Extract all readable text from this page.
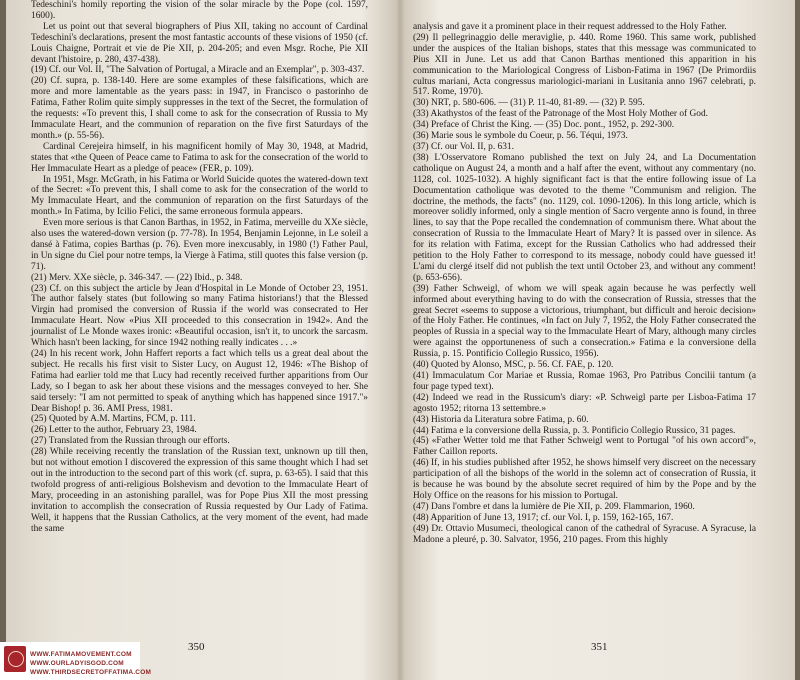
Tedeschini's homily reporting the vision of the solar miracle by the Pope (col. 1597, 1600).

Let us point out that several biographers of Pius XII, taking no account of Cardinal Tedeschini's declarations, present the most fantastic accounts of these visions of 1950 (cf. Louis Chaigne, Portrait et vie de Pie XII, p. 204-205; and even Msgr. Roche, Pie XII devant l'histoire, p. 280, 437-438).

(19) Cf. our Vol. II, "The Salvation of Portugal, a Miracle and an Exemplar", p. 303-437.

(20) Cf. supra, p. 138-140. Here are some examples of these falsifications, which are more and more lamentable as the years pass: in 1947, in Francisco o pastorinho de Fatima, Father Rolim quite simply suppresses in the text of the Secret, the formulation of the requests: «To prevent this, I shall come to ask for the consecration of Russia to My Immaculate Heart, and the communion of reparation on the five first Saturdays of the month.» (p. 55-56).

Cardinal Cerejeira himself, in his magnificent homily of May 30, 1948, at Madrid, states that «the Queen of Peace came to Fatima to ask for the consecration of the world to Her Immaculate Heart as a pledge of peace» (FER, p. 109).

In 1951, Msgr. McGrath, in his Fatima or World Suicide quotes the watered-down text of the Secret: «To prevent this, I shall come to ask for the consecration of the world to My Immaculate Heart, and the communion of reparation on the first Saturdays of the month.» In Fatima, by Icilio Felici, the same erroneous formula appears.

Even more serious is that Canon Barthas, in 1952, in Fatima, merveille du XXe siècle, also uses the watered-down version (p. 77-78). In 1954, Benjamin Lejonne, in Le soleil a dansé à Fatima, copies Barthas (p. 76). Even more inexcusably, in 1980 (!) Father Paul, in Un signe du Ciel pour notre temps, la Vierge à Fatima, still quotes this false version (p. 71).

(21) Merv. XXe siècle, p. 346-347. — (22) Ibid., p. 348.

(23) Cf. on this subject the article by Jean d'Hospital in Le Monde of October 23, 1951. The author falsely states (but following so many Fatima historians!) that the Blessed Virgin had promised the conversion of Russia if the world was consecrated to Her Immaculate Heart. Now «Pius XII proceeded to this consecration in 1942». And the journalist of Le Monde waxes ironic: «Beautiful occasion, isn't it, to uncork the sarcasm. Which hasn't been lacking, for since 1942 nothing really indicates . . .»

(24) In his recent work, John Haffert reports a fact which tells us a great deal about the subject. He recalls his first visit to Sister Lucy, on August 12, 1946: «The Bishop of Fatima had earlier told me that Lucy had recently received further apparitions from Our Lady, so I began to ask her about these visions and the messages conveyed to her. She said tersely: "I am not permitted to speak of anything which has happened since 1917."» Dear Bishop! p. 36. AMI Press, 1981.

(25) Quoted by A.M. Martins, FCM, p. 111.

(26) Letter to the author, February 23, 1984.

(27) Translated from the Russian through our efforts.

(28) While receiving recently the translation of the Russian text, unknown up till then, but not without emotion I discovered the expression of this same thought which I had set out in the introduction to the second part of this work (cf. supra, p. 63-65). I said that this twofold progress of anti-religious Bolshevism and devotion to the Immaculate Heart of Mary, proceeding in an astonishing parallel, was for Pope Pius XII the most pressing invitation to accomplish the consecration of Russia requested by Our Lady of Fatima. Well, it happens that the Russian Catholics, at the very moment of the event, had made the same

350

analysis and gave it a prominent place in their request addressed to the Holy Father.

(29) Il pellegrinaggio delle meraviglie, p. 440. Rome 1960. This same work, published under the auspices of the Italian bishops, states that this message was communicated to Pius XII in June. Let us add that Canon Barthas mentioned this apparition in his communication to the Mariological Congress of Lisbon-Fatima in 1967 (De Primordiis cultus mariani, Acta congressus mariologici-mariani in Lusitania anno 1967 celebrati, p. 517. Rome, 1970).

(30) NRT, p. 580-606. — (31) P. 11-40, 81-89. — (32) P. 595.

(33) Akathystos of the feast of the Patronage of the Most Holy Mother of God.

(34) Preface of Christ the King. — (35) Doc. pont., 1952, p. 292-300.

(36) Marie sous le symbole du Coeur, p. 56. Téqui, 1973.

(37) Cf. our Vol. II, p. 631.

(38) L'Osservatore Romano published the text on July 24, and La Documentation catholique on August 24, a month and a half after the event, without any commentary (no. 1128, col. 1025-1032). A highly significant fact is that the entire following issue of La Documentation catholique was devoted to the theme "Communism and religion. The doctrine, the methods, the facts" (no. 1129, col. 1090-1206). In this long article, which is moreover solidly informed, only a single mention of Sacro vergente anno is found, in three lines, to say that the Pope recalled the condemnation of communism there. What about the consecration of Russia to the Immaculate Heart of Mary? It is passed over in silence. As for its relation with Fatima, except for the Russian Catholics who had addressed their petition to the Holy Father to correspond to its message, nobody could have guessed it! L'ami du clergé itself did not publish the text until October 23, and without any comment! (p. 653-656).

(39) Father Schweigl, of whom we will speak again because he was perfectly well informed about everything having to do with the consecration of Russia, stresses that the great Secret «seems to suppose a victorious, triumphant, but difficult and heroic decision» of the Holy Father. He continues, «In fact on July 7, 1952, the Holy Father consecrated the peoples of Russia in a special way to the Immaculate Heart of Mary, although many circles were against the opportuneness of such a consecration.» Fatima e la conversione della Russia, p. 15. Pontificio Collegio Russico, 1956).

(40) Quoted by Alonso, MSC, p. 56. Cf. FAE, p. 120.

(41) Immaculatum Cor Mariae et Russia, Romae 1963, Pro Patribus Concilii tantum (a four page typed text).

(42) Indeed we read in the Russicum's diary: «P. Schweigl parte per Lisboa-Fatima 17 agosto 1952; ritorna 13 settembre.»

(43) Historia da Literatura sobre Fatima, p. 60.

(44) Fatima e la conversione della Russia, p. 3. Pontificio Collegio Russico, 31 pages.

(45) «Father Wetter told me that Father Schweigl went to Portugal "of his own accord"», Father Caillon reports.

(46) If, in his studies published after 1952, he shows himself very discreet on the necessary participation of all the bishops of the world in the solemn act of consecration of Russia, it is because he was bound by the absolute secret required of him by the Pope and by the Holy Office on the reasons for his mission to Portugal.

(47) Dans l'ombre et dans la lumière de Pie XII, p. 209. Flammarion, 1960.

(48) Apparition of June 13, 1917; cf. our Vol. I, p. 159, 162-165, 167.

(49) Dr. Ottavio Musumeci, theological canon of the cathedral of Syracuse. A Syracuse, la Madone a pleuré, p. 30. Salvator, 1956, 210 pages. From this highly

351
WWW.FATIMAMOVEMENT.COM
WWW.OURLADYISGOD.COM
WWW.THIRDSECRETOFFATIMA.COM
